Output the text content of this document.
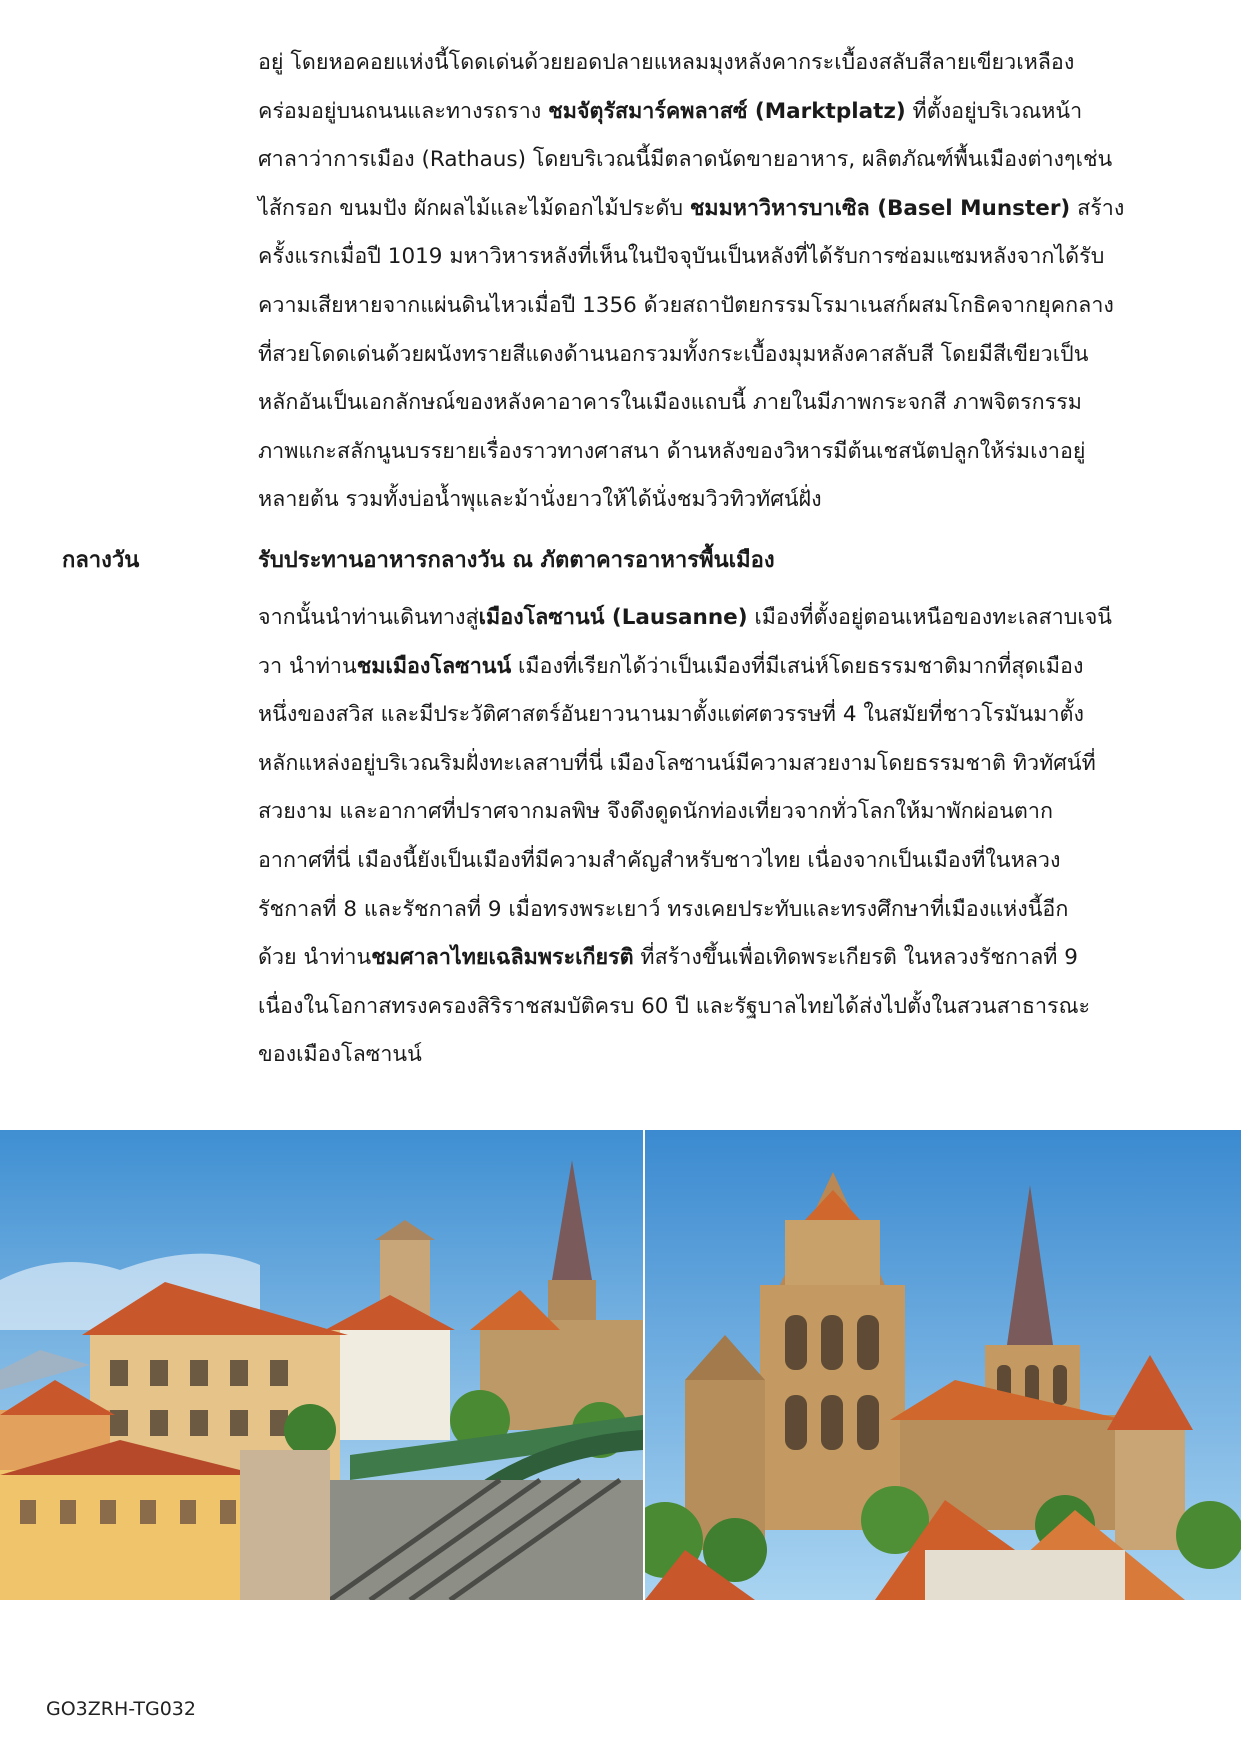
อยู่ โดยหอคอยแห่งนี้โดดเด่นด้วยยอดปลายแหลมมุงหลังคากระเบื้องสลับสีลายเขียวเหลือง
คร่อมอยู่บนถนนและทางรถราง ชมจัตุรัสมาร์คพลาสซ์ (Marktplatz) ที่ตั้งอยู่บริเวณหน้า
ศาลาว่าการเมือง (Rathaus) โดยบริเวณนี้มีตลาดนัดขายอาหาร, ผลิตภัณฑ์พื้นเมืองต่างๆเช่น
ไส้กรอก ขนมปัง ผักผลไม้และไม้ดอกไม้ประดับ ชมมหาวิหารบาเซิล (Basel Munster) สร้าง
ครั้งแรกเมื่อปี 1019 มหาวิหารหลังที่เห็นในปัจจุบันเป็นหลังที่ได้รับการซ่อมแซมหลังจากได้รับ
ความเสียหายจากแผ่นดินไหวเมื่อปี 1356 ด้วยสถาปัตยกรรมโรมาเนสก์ผสมโกธิคจากยุคกลาง
ที่สวยโดดเด่นด้วยผนังทรายสีแดงด้านนอกรวมทั้งกระเบื้องมุมหลังคาสลับสี โดยมีสีเขียวเป็น
หลักอันเป็นเอกลักษณ์ของหลังคาอาคารในเมืองแถบนี้ ภายในมีภาพกระจกสี ภาพจิตรกรรม
ภาพแกะสลักนูนบรรยายเรื่องราวทางศาสนา ด้านหลังของวิหารมีต้นเชสนัตปลูกให้ร่มเงาอยู่
หลายต้น รวมทั้งบ่อน้ำพุและม้านั่งยาวให้ได้นั่งชมวิวทิวทัศน์ฝั่ง
กลางวัน	รับประทานอาหารกลางวัน ณ ภัตตาคารอาหารพื้นเมือง
จากนั้นนำท่านเดินทางสู่เมืองโลซานน์ (Lausanne) เมืองที่ตั้งอยู่ตอนเหนือของทะเลสาบเจนี
วา นำท่านชมเมืองโลซานน์ เมืองที่เรียกได้ว่าเป็นเมืองที่มีเสน่ห์โดยธรรมชาติมากที่สุดเมือง
หนึ่งของสวิส และมีประวัติศาสตร์อันยาวนานมาตั้งแต่ศตวรรษที่ 4 ในสมัยที่ชาวโรมันมาตั้ง
หลักแหล่งอยู่บริเวณริมฝั่งทะเลสาบที่นี่ เมืองโลซานน์มีความสวยงามโดยธรรมชาติ ทิวทัศน์ที่
สวยงาม และอากาศที่ปราศจากมลพิษ จึงดึงดูดนักท่องเที่ยวจากทั่วโลกให้มาพักผ่อนตาก
อากาศที่นี่ เมืองนี้ยังเป็นเมืองที่มีความสำคัญสำหรับชาวไทย เนื่องจากเป็นเมืองที่ในหลวง
รัชกาลที่ 8 และรัชกาลที่ 9 เมื่อทรงพระเยาว์ ทรงเคยประทับและทรงศึกษาที่เมืองแห่งนี้อีก
ด้วย นำท่านชมศาลาไทยเฉลิมพระเกียรติ ที่สร้างขึ้นเพื่อเทิดพระเกียรติ ในหลวงรัชกาลที่ 9
เนื่องในโอกาสทรงครองสิริราชสมบัติครบ 60 ปี และรัฐบาลไทยได้ส่งไปตั้งในสวนสาธารณะ
ของเมืองโลซานน์
GO3ZRH-TG032
